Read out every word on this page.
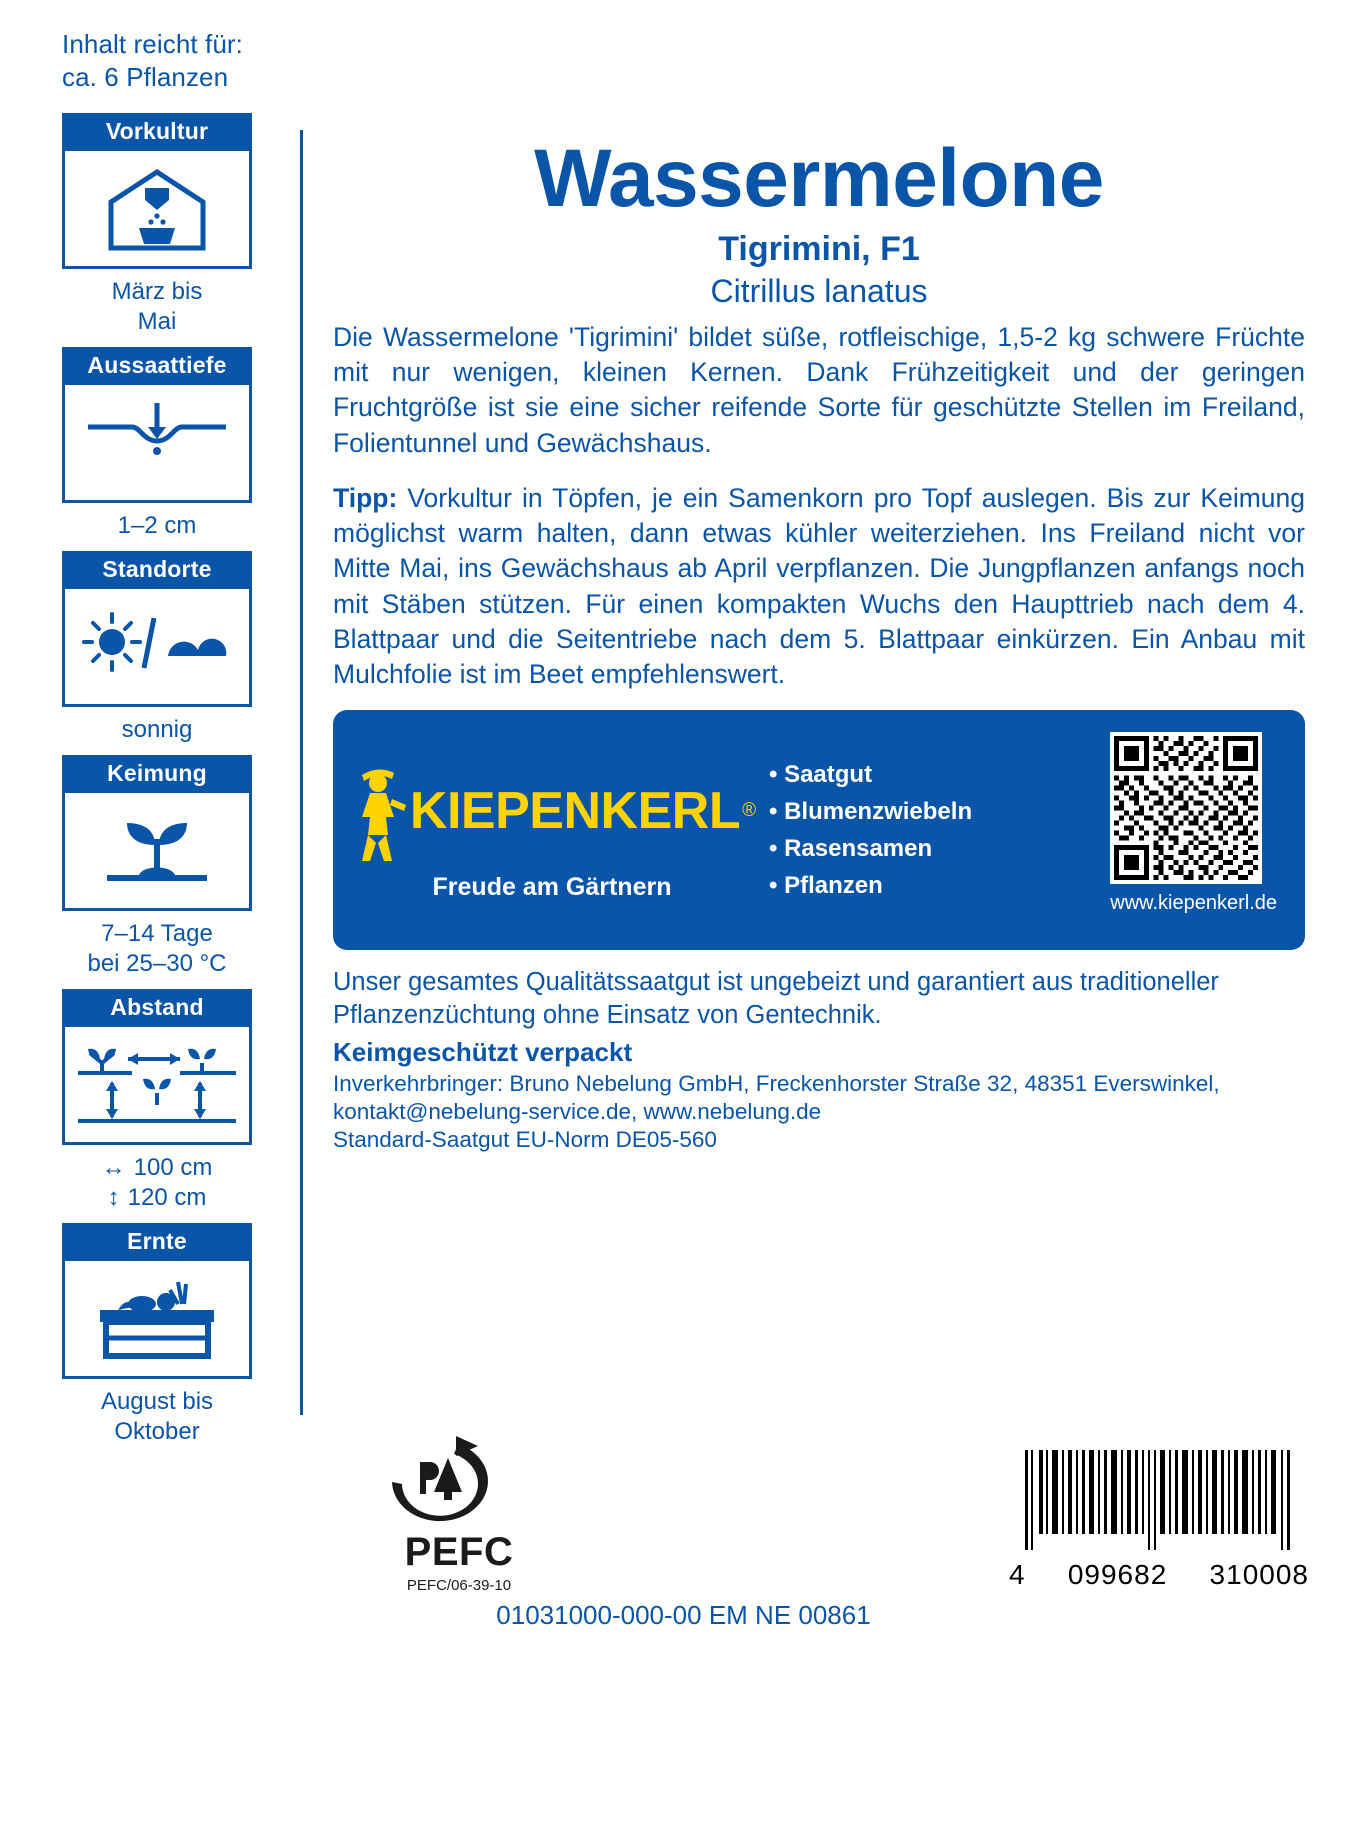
Inhalt reicht für:
ca. 6 Pflanzen
Vorkultur
März bis
Mai
Aussaattiefe
1–2 cm
Standorte
sonnig
Keimung
7–14 Tage
bei 25–30 °C
Abstand
↔ 100 cm
↕ 120 cm
Ernte
August bis
Oktober
Wassermelone
Tigrimini, F1
Citrillus lanatus

Die Wassermelone 'Tigrimini' bildet süße, rotfleischige, 1,5-2 kg schwere Früchte mit nur wenigen, kleinen Kernen. Dank Frühzeitigkeit und der geringen Fruchtgröße ist sie eine sicher reifende Sorte für geschützte Stellen im Freiland, Folientunnel und Gewächshaus.

Tipp: Vorkultur in Töpfen, je ein Samenkorn pro Topf auslegen. Bis zur Keimung möglichst warm halten, dann etwas kühler weiterziehen. Ins Freiland nicht vor Mitte Mai, ins Gewächshaus ab April verpflanzen. Die Jungpflanzen anfangs noch mit Stäben stützen. Für einen kompakten Wuchs den Haupttrieb nach dem 4. Blattpaar und die Seitentriebe nach dem 5. Blattpaar einkürzen. Ein Anbau mit Mulchfolie ist im Beet empfehlenswert.

KIEPENKERL ®
Freude am Gärtnern
• Saatgut
• Blumenzwiebeln
• Rasensamen
• Pflanzen
www.kiepenkerl.de

Unser gesamtes Qualitätssaatgut ist ungebeizt und garantiert aus traditioneller Pflanzenzüchtung ohne Einsatz von Gentechnik.

Keimgeschützt verpackt

Inverkehrbringer: Bruno Nebelung GmbH, Freckenhorster Straße 32, 48351 Everswinkel, kontakt@nebelung-service.de, www.nebelung.de

Standard-Saatgut EU-Norm DE05-560

PEFC
PEFC/06-39-10	4 099682 310008
01031000-000-00 EM NE 00861
